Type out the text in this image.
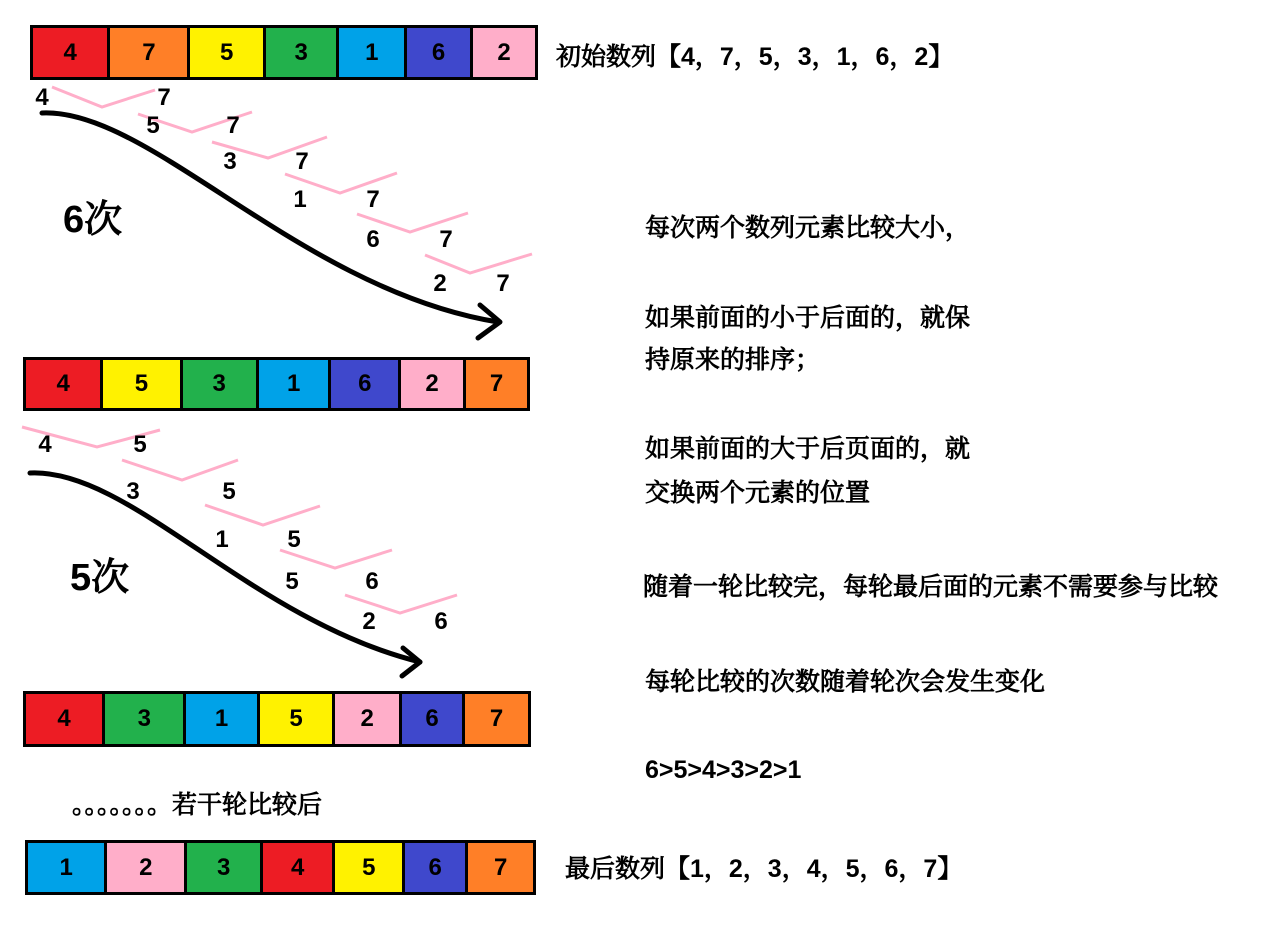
初始数列【4，7，5，3，1，6，2】
最后数列【1，2，3，4，5，6，7】
6次
5次
。。。。。。。若干轮比较后
每次两个数列元素比较大小，
如果前面的小于后面的，就保
持原来的排序；
如果前面的大于后页面的，就
交换两个元素的位置
随着一轮比较完，每轮最后面的元素不需要参与比较
每轮比较的次数随着轮次会发生变化
6>5>4>3>2>1
4	7	5	3	1	6	2
4	5	3	1	6	2	7
4	3	1	5	2	6	7
1	2	3	4	5	6	7
4	7
5	7
3 7
1 7
6 7
2 7
4	5
3	5
1 5
5	6
2 6
